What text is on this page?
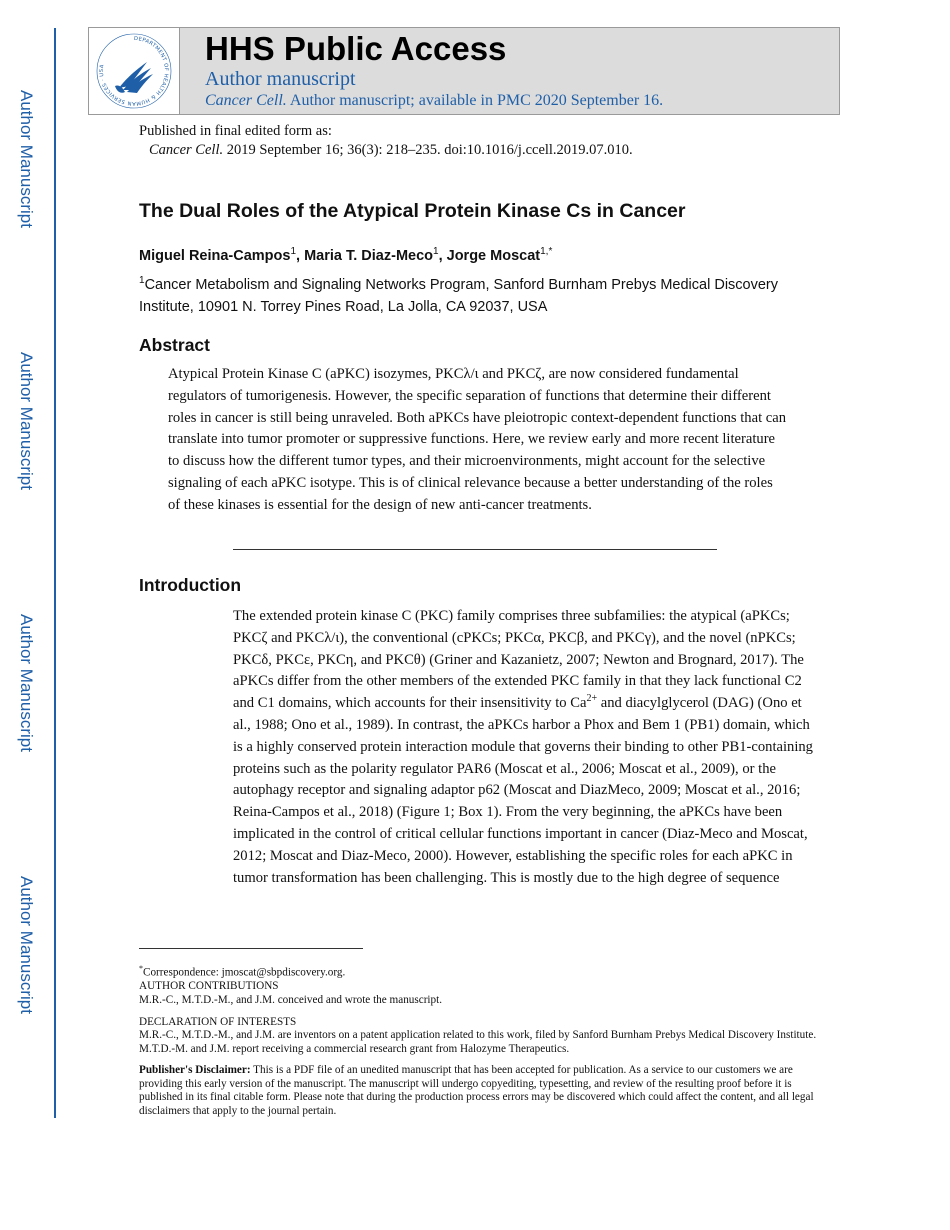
Author Manuscript
Author Manuscript
Author Manuscript
Author Manuscript
DEPARTMENT OF HEALTH & HUMAN SERVICES · USA	HHS Public Access
Author manuscript
Cancer Cell. Author manuscript; available in PMC 2020 September 16.
Published in final edited form as:
Cancer Cell. 2019 September 16; 36(3): 218–235. doi:10.1016/j.ccell.2019.07.010.
The Dual Roles of the Atypical Protein Kinase Cs in Cancer
Miguel Reina-Campos$^1$, Maria T. Diaz-Meco$^1$, Jorge Moscat$^{1,*}$
$^1$Cancer Metabolism and Signaling Networks Program, Sanford Burnham Prebys Medical Discovery Institute, 10901 N. Torrey Pines Road, La Jolla, CA 92037, USA
Abstract
Atypical Protein Kinase C (aPKC) isozymes, PKCλ/ι and PKCζ, are now considered fundamental regulators of tumorigenesis. However, the specific separation of functions that determine their different roles in cancer is still being unraveled. Both aPKCs have pleiotropic context-dependent functions that can translate into tumor promoter or suppressive functions. Here, we review early and more recent literature to discuss how the different tumor types, and their microenvironments, might account for the selective signaling of each aPKC isotype. This is of clinical relevance because a better understanding of the roles of these kinases is essential for the design of new anti-cancer treatments.
Introduction
The extended protein kinase C (PKC) family comprises three subfamilies: the atypical (aPKCs; PKCζ and PKCλ/ι), the conventional (cPKCs; PKCα, PKCβ, and PKCγ), and the novel (nPKCs; PKCδ, PKCε, PKCη, and PKCθ) (Griner and Kazanietz, 2007; Newton and Brognard, 2017). The aPKCs differ from the other members of the extended PKC family in that they lack functional C2 and C1 domains, which accounts for their insensitivity to $Ca^{2+}$ and diacylglycerol (DAG) (Ono et al., 1988; Ono et al., 1989). In contrast, the aPKCs harbor a Phox and Bem 1 (PB1) domain, which is a highly conserved protein interaction module that governs their binding to other PB1-containing proteins such as the polarity regulator PAR6 (Moscat et al., 2006; Moscat et al., 2009), or the autophagy receptor and signaling adaptor p62 (Moscat and DiazMeco, 2009; Moscat et al., 2016; Reina-Campos et al., 2018) (Figure 1; Box 1). From the very beginning, the aPKCs have been implicated in the control of critical cellular functions important in cancer (Diaz-Meco and Moscat, 2012; Moscat and Diaz-Meco, 2000). However, establishing the specific roles for each aPKC in tumor transformation has been challenging. This is mostly due to the high degree of sequence

*Correspondence: jmoscat@sbpdiscovery.org.

AUTHOR CONTRIBUTIONS

M.R.-C., M.T.D.-M., and J.M. conceived and wrote the manuscript.

DECLARATION OF INTERESTS

M.R.-C., M.T.D.-M., and J.M. are inventors on a patent application related to this work, filed by Sanford Burnham Prebys Medical Discovery Institute. M.T.D.-M. and J.M. report receiving a commercial research grant from Halozyme Therapeutics.

Publisher's Disclaimer: This is a PDF file of an unedited manuscript that has been accepted for publication. As a service to our customers we are providing this early version of the manuscript. The manuscript will undergo copyediting, typesetting, and review of the resulting proof before it is published in its final citable form. Please note that during the production process errors may be discovered which could affect the content, and all legal disclaimers that apply to the journal pertain.
